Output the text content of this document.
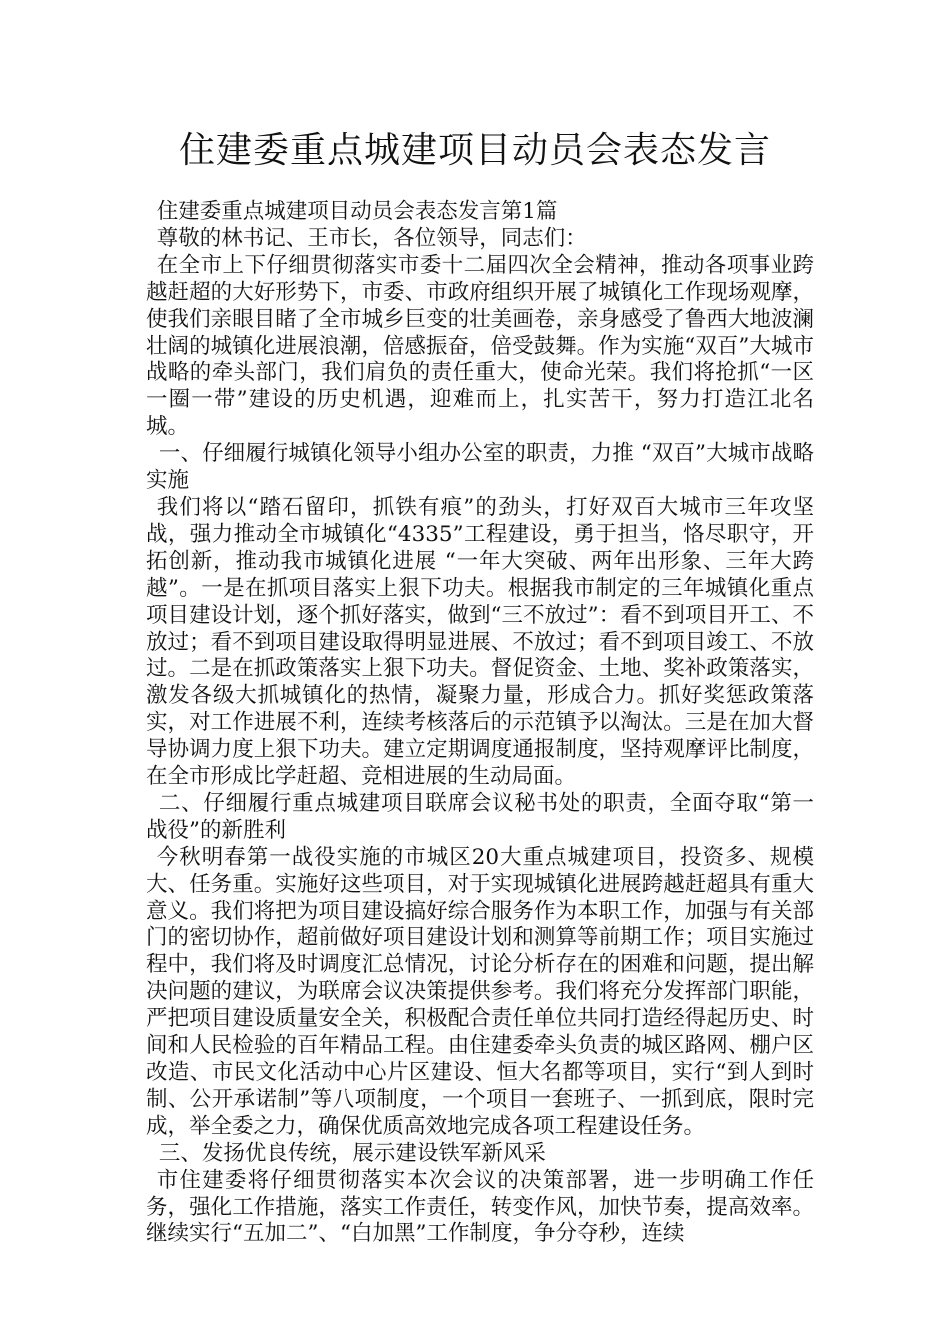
住建委重点城建项目动员会表态发言

住建委重点城建项目动员会表态发言第1篇

尊敬的林书记、王市长，各位领导，同志们：

在全市上下仔细贯彻落实市委十二届四次全会精神，推动各项事业跨越赶超的大好形势下，市委、市政府组织开展了城镇化工作现场观摩，使我们亲眼目睹了全市城乡巨变的壮美画卷，亲身感受了鲁西大地波澜壮阔的城镇化进展浪潮，倍感振奋，倍受鼓舞。作为实施“双百”大城市战略的牵头部门，我们肩负的责任重大，使命光荣。我们将抢抓“一区一圈一带”建设的历史机遇，迎难而上，扎实苦干，努力打造江北名城。

一、仔细履行城镇化领导小组办公室的职责，力推 “双百”大城市战略实施

我们将以“踏石留印，抓铁有痕”的劲头，打好双百大城市三年攻坚战，强力推动全市城镇化“4335”工程建设，勇于担当，恪尽职守，开拓创新，推动我市城镇化进展 “一年大突破、两年出形象、三年大跨越”。一是在抓项目落实上狠下功夫。根据我市制定的三年城镇化重点项目建设计划，逐个抓好落实，做到“三不放过”：看不到项目开工、不放过；看不到项目建设取得明显进展、不放过；看不到项目竣工、不放过。二是在抓政策落实上狠下功夫。督促资金、土地、奖补政策落实，激发各级大抓城镇化的热情，凝聚力量，形成合力。抓好奖惩政策落实，对工作进展不利，连续考核落后的示范镇予以淘汰。三是在加大督导协调力度上狠下功夫。建立定期调度通报制度，坚持观摩评比制度，在全市形成比学赶超、竞相进展的生动局面。

二、仔细履行重点城建项目联席会议秘书处的职责，全面夺取“第一战役”的新胜利

今秋明春第一战役实施的市城区20大重点城建项目，投资多、规模大、任务重。实施好这些项目，对于实现城镇化进展跨越赶超具有重大意义。我们将把为项目建设搞好综合服务作为本职工作，加强与有关部门的密切协作，超前做好项目建设计划和测算等前期工作；项目实施过程中，我们将及时调度汇总情况，讨论分析存在的困难和问题，提出解决问题的建议，为联席会议决策提供参考。我们将充分发挥部门职能，严把项目建设质量安全关，积极配合责任单位共同打造经得起历史、时间和人民检验的百年精品工程。由住建委牵头负责的城区路网、棚户区改造、市民文化活动中心片区建设、恒大名都等项目，实行“到人到时制、公开承诺制”等八项制度，一个项目一套班子、一抓到底，限时完成，举全委之力，确保优质高效地完成各项工程建设任务。

三、发扬优良传统，展示建设铁军新风采

市住建委将仔细贯彻落实本次会议的决策部署，进一步明确工作任务，强化工作措施，落实工作责任，转变作风，加快节奏，提高效率。继续实行“五加二”、“白加黑”工作制度，争分夺秒，连续
